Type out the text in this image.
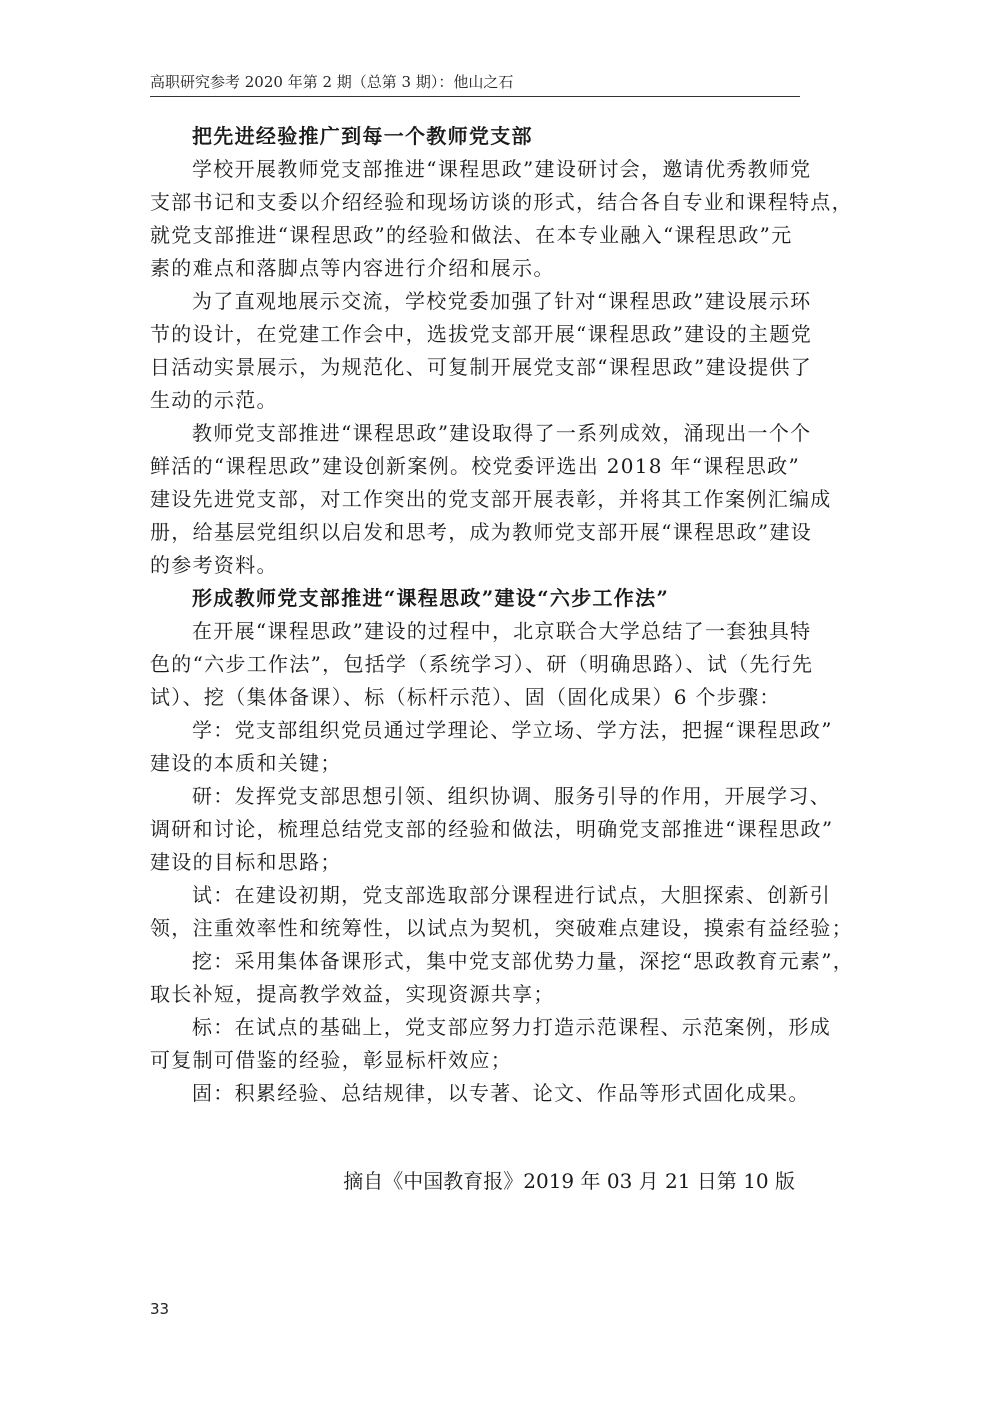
高职研究参考 2020 年第 2 期（总第 3 期）：他山之石
把先进经验推广到每一个教师党支部
学校开展教师党支部推进“课程思政”建设研讨会，邀请优秀教师党
支部书记和支委以介绍经验和现场访谈的形式，结合各自专业和课程特点，
就党支部推进“课程思政”的经验和做法、在本专业融入“课程思政”元
素的难点和落脚点等内容进行介绍和展示。
为了直观地展示交流，学校党委加强了针对“课程思政”建设展示环
节的设计，在党建工作会中，选拔党支部开展“课程思政”建设的主题党
日活动实景展示，为规范化、可复制开展党支部“课程思政”建设提供了
生动的示范。
教师党支部推进“课程思政”建设取得了一系列成效，涌现出一个个
鲜活的“课程思政”建设创新案例。校党委评选出 2018 年“课程思政”
建设先进党支部，对工作突出的党支部开展表彰，并将其工作案例汇编成
册，给基层党组织以启发和思考，成为教师党支部开展“课程思政”建设
的参考资料。
形成教师党支部推进“课程思政”建设“六步工作法”
在开展“课程思政”建设的过程中，北京联合大学总结了一套独具特
色的“六步工作法”，包括学（系统学习）、研（明确思路）、试（先行先
试）、挖（集体备课）、标（标杆示范）、固（固化成果）6 个步骤：
学：党支部组织党员通过学理论、学立场、学方法，把握“课程思政”
建设的本质和关键；
研：发挥党支部思想引领、组织协调、服务引导的作用，开展学习、
调研和讨论，梳理总结党支部的经验和做法，明确党支部推进“课程思政”
建设的目标和思路；
试：在建设初期，党支部选取部分课程进行试点，大胆探索、创新引
领，注重效率性和统筹性，以试点为契机，突破难点建设，摸索有益经验；
挖：采用集体备课形式，集中党支部优势力量，深挖“思政教育元素”，
取长补短，提高教学效益，实现资源共享；
标：在试点的基础上，党支部应努力打造示范课程、示范案例，形成
可复制可借鉴的经验，彰显标杆效应；
固：积累经验、总结规律，以专著、论文、作品等形式固化成果。
摘自《中国教育报》2019 年 03 月 21 日第 10 版
33
